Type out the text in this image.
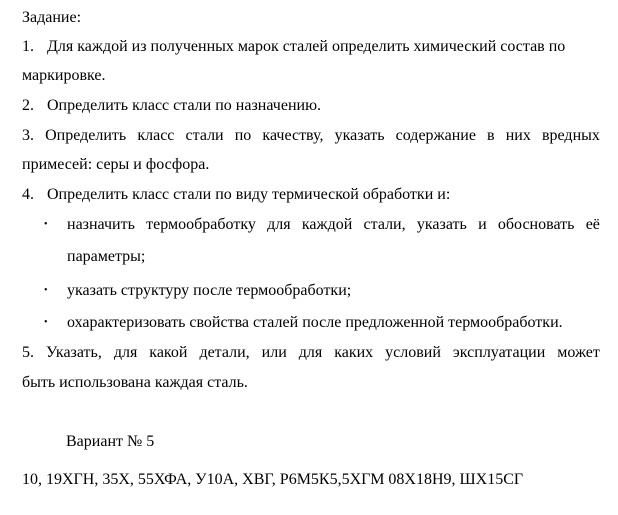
Задание:
1. Для каждой из полученных марок сталей определить химический состав по
маркировке.
2. Определить класс стали по назначению.
3. Определить класс стали по качеству, указать содержание в них вредных
примесей: серы и фосфора.
4. Определить класс стали по виду термической обработки и:
• назначить термообработку для каждой стали, указать и обосновать её
параметры;
• указать структуру после термообработки;
• охарактеризовать свойства сталей после предложенной термообработки.
5. Указать, для какой детали, или для каких условий эксплуатации может
быть использована каждая сталь.
Вариант № 5
10, 19ХГН, 35Х, 55ХФА, У10А, ХВГ, Р6М5К5,5ХГМ 08Х18Н9, ШХ15СГ
